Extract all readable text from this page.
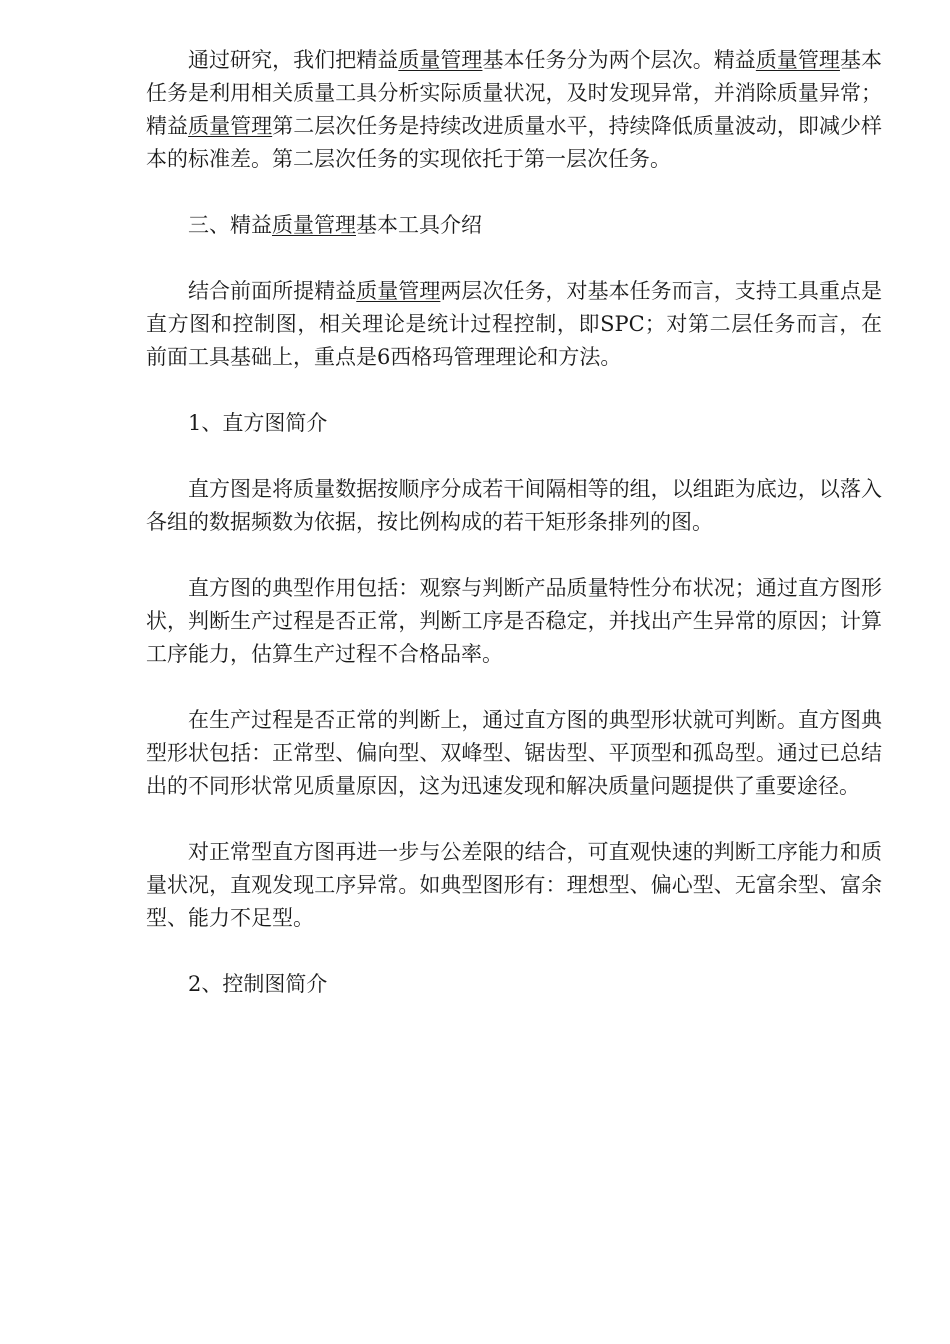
通过研究，我们把精益质量管理基本任务分为两个层次。精益质量管理基本任务是利用相关质量工具分析实际质量状况，及时发现异常，并消除质量异常；精益质量管理第二层次任务是持续改进质量水平，持续降低质量波动，即减少样本的标准差。第二层次任务的实现依托于第一层次任务。

三、精益质量管理基本工具介绍

结合前面所提精益质量管理两层次任务，对基本任务而言，支持工具重点是直方图和控制图，相关理论是统计过程控制，即SPC；对第二层任务而言，在前面工具基础上，重点是6西格玛管理理论和方法。

1、直方图简介

直方图是将质量数据按顺序分成若干间隔相等的组，以组距为底边，以落入各组的数据频数为依据，按比例构成的若干矩形条排列的图。

直方图的典型作用包括：观察与判断产品质量特性分布状况；通过直方图形状，判断生产过程是否正常，判断工序是否稳定，并找出产生异常的原因；计算工序能力，估算生产过程不合格品率。

在生产过程是否正常的判断上，通过直方图的典型形状就可判断。直方图典型形状包括：正常型、偏向型、双峰型、锯齿型、平顶型和孤岛型。通过已总结出的不同形状常见质量原因，这为迅速发现和解决质量问题提供了重要途径。

对正常型直方图再进一步与公差限的结合，可直观快速的判断工序能力和质量状况，直观发现工序异常。如典型图形有：理想型、偏心型、无富余型、富余型、能力不足型。

2、控制图简介
